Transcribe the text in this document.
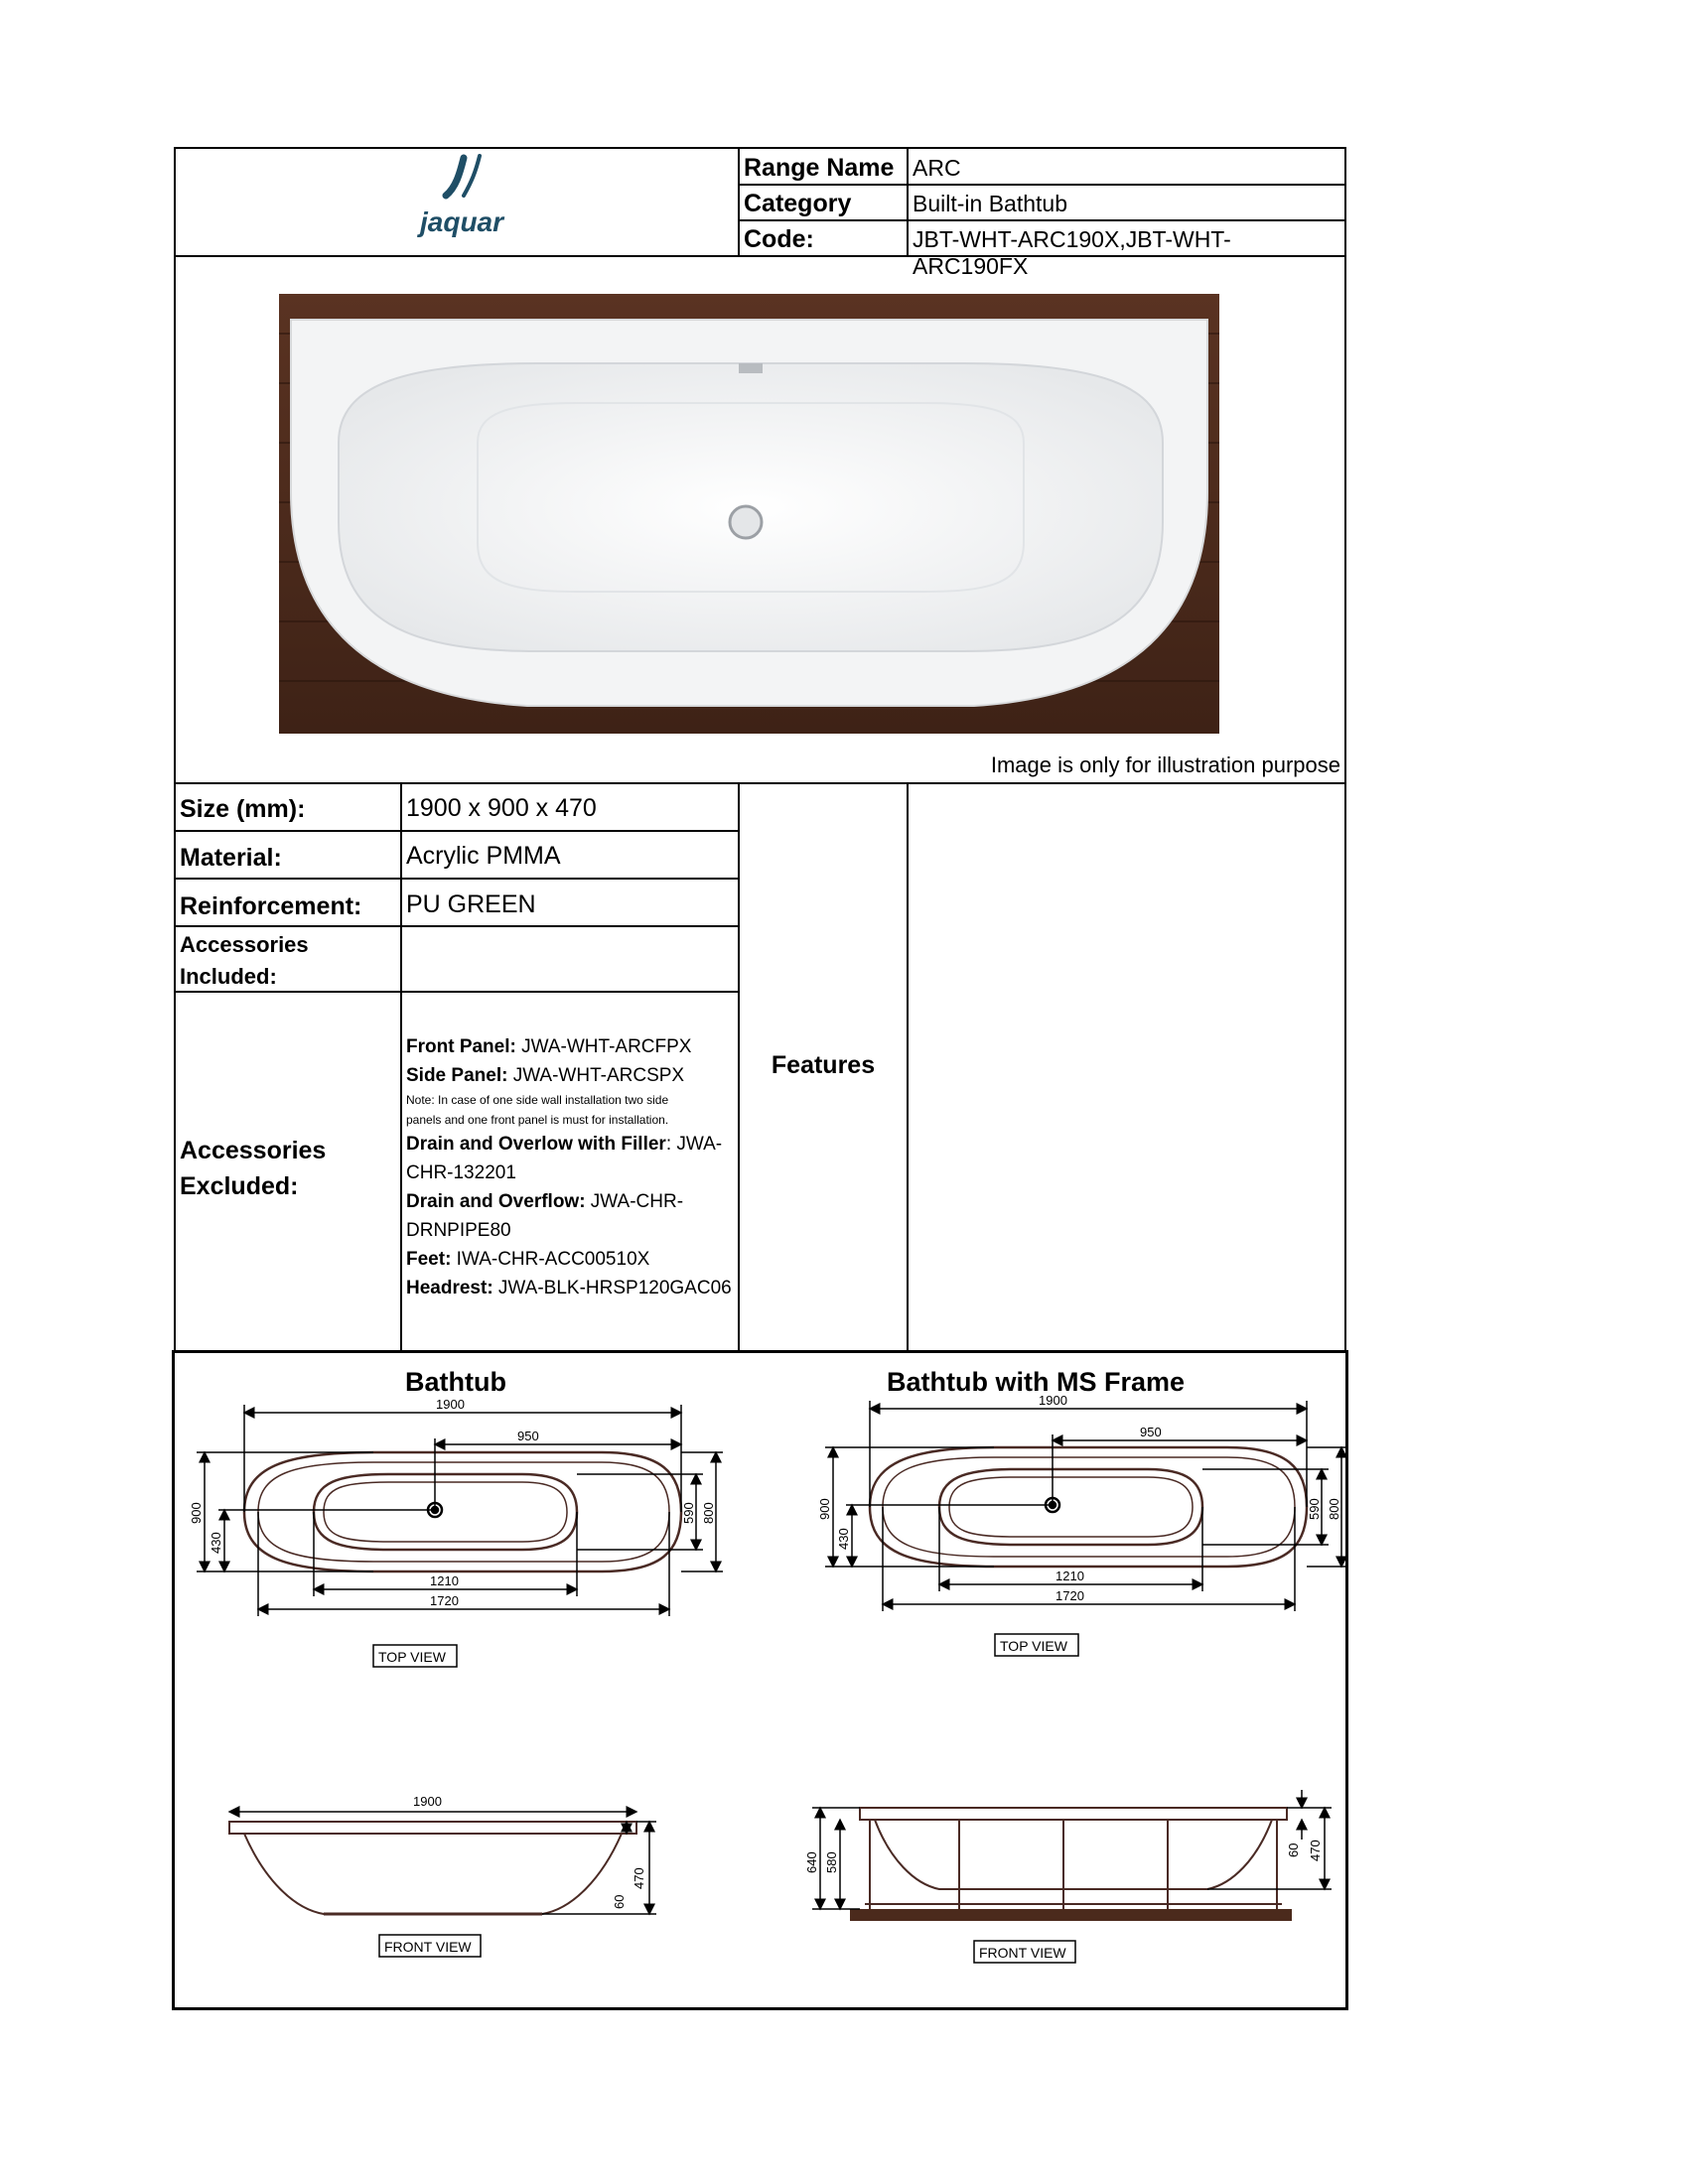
jaquar
Range Name ARC
Category	Built-in Bathtub
Code:	JBT-WHT-ARC190X,JBT-WHT-ARC190FX
Image is only for illustration purpose
Size (mm):	1900 x 900 x 470
Material:	Acrylic PMMA
Reinforcement: PU GREEN
Accessories
Included:
Accessories
Excluded:
Front Panel: JWA-WHT-ARCFPX
Side Panel: JWA-WHT-ARCSPX
Note: In case of one side wall installation two side
panels and one front panel is must for installation.
Drain and Overlow with Filler: JWA-
CHR-132201
Drain and Overflow: JWA-CHR-
DRNPIPE80
Feet: IWA-CHR-ACC00510X
Headrest: JWA-BLK-HRSP120GAC06
Features
Bathtub	Bathtub with MS Frame
1900
950
900
430
590 800
1210
1720
TOP VIEW
1900
60
470
FRONT VIEW
1900
950
900
430
590 800
1210
1720
TOP VIEW
640 580
60 470
FRONT VIEW
